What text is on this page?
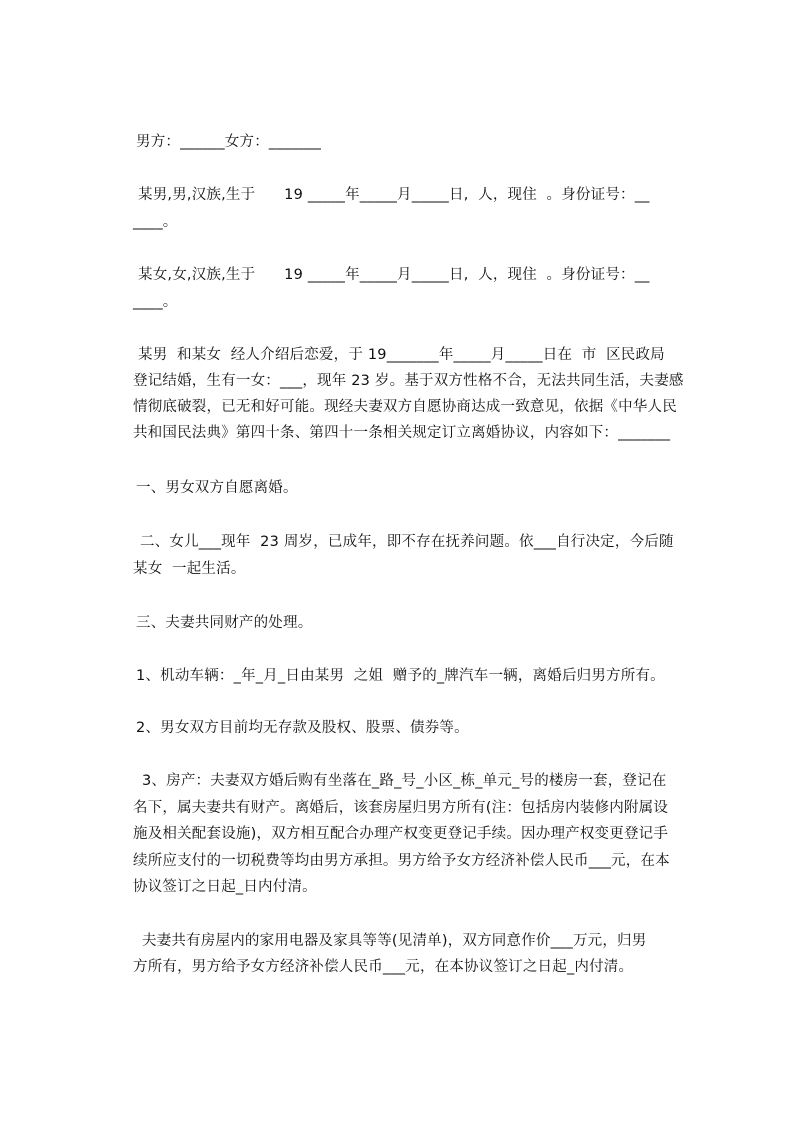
男方：______女方：_______
某男,男,汉族,生于      19 _____年_____月_____日,  人，现住  。身份证号：__
____。
某女,女,汉族,生于      19 _____年_____月_____日,  人，现住  。身份证号：__
____。
某男  和某女  经人介绍后恋爱，于 19_______年_____月_____日在  市  区民政局
登记结婚，生有一女：___，现年 23 岁。基于双方性格不合，无法共同生活，夫妻感
情彻底破裂，已无和好可能。现经夫妻双方自愿协商达成一致意见，依据《中华人民
共和国民法典》第四十条、第四十一条相关规定订立离婚协议，内容如下：_______
一、男女双方自愿离婚。
二、女儿___现年  23 周岁，已成年，即不存在抚养问题。依___自行决定，今后随
某女  一起生活。
三、夫妻共同财产的处理。
1、机动车辆：_年_月_日由某男  之姐  赠予的_牌汽车一辆，离婚后归男方所有。
2、男女双方目前均无存款及股权、股票、债券等。
3、房产：夫妻双方婚后购有坐落在_路_号_小区_栋_单元_号的楼房一套，登记在
名下，属夫妻共有财产。离婚后，该套房屋归男方所有(注：包括房内装修内附属设
施及相关配套设施)，双方相互配合办理产权变更登记手续。因办理产权变更登记手
续所应支付的一切税费等均由男方承担。男方给予女方经济补偿人民币___元，在本
协议签订之日起_日内付清。
夫妻共有房屋内的家用电器及家具等等(见清单)，双方同意作价___万元，归男
方所有，男方给予女方经济补偿人民币___元，在本协议签订之日起_内付清。
